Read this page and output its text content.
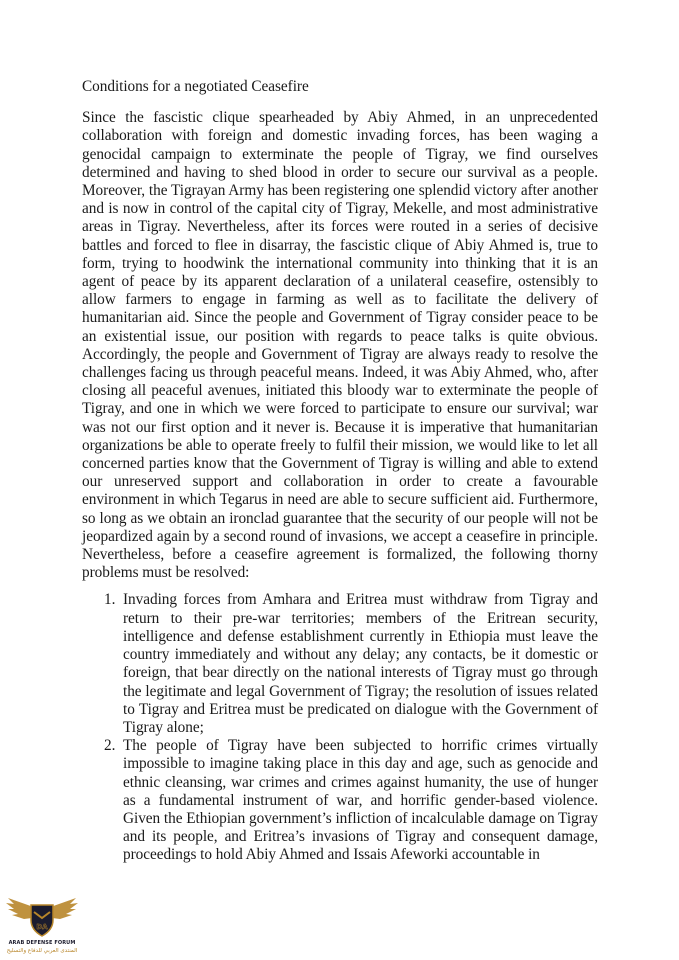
Conditions for a negotiated Ceasefire

Since the fascistic clique spearheaded by Abiy Ahmed, in an unprecedented collaboration with foreign and domestic invading forces, has been waging a genocidal campaign to exterminate the people of Tigray, we find ourselves determined and having to shed blood in order to secure our survival as a people. Moreover, the Tigrayan Army has been registering one splendid victory after another and is now in control of the capital city of Tigray, Mekelle, and most administrative areas in Tigray. Nevertheless, after its forces were routed in a series of decisive battles and forced to flee in disarray, the fascistic clique of Abiy Ahmed is, true to form, trying to hoodwink the international community into thinking that it is an agent of peace by its apparent declaration of a unilateral ceasefire, ostensibly to allow farmers to engage in farming as well as to facilitate the delivery of humanitarian aid. Since the people and Government of Tigray consider peace to be an existential issue, our position with regards to peace talks is quite obvious. Accordingly, the people and Government of Tigray are always ready to resolve the challenges facing us through peaceful means. Indeed, it was Abiy Ahmed, who, after closing all peaceful avenues, initiated this bloody war to exterminate the people of Tigray, and one in which we were forced to participate to ensure our survival; war was not our first option and it never is. Because it is imperative that humanitarian organizations be able to operate freely to fulfil their mission, we would like to let all concerned parties know that the Government of Tigray is willing and able to extend our unreserved support and collaboration in order to create a favourable environment in which Tegarus in need are able to secure sufficient aid. Furthermore, so long as we obtain an ironclad guarantee that the security of our people will not be jeopardized again by a second round of invasions, we accept a ceasefire in principle. Nevertheless, before a ceasefire agreement is formalized, the following thorny problems must be resolved:

1. Invading forces from Amhara and Eritrea must withdraw from Tigray and return to their pre-war territories; members of the Eritrean security, intelligence and defense establishment currently in Ethiopia must leave the country immediately and without any delay; any contacts, be it domestic or foreign, that bear directly on the national interests of Tigray must go through the legitimate and legal Government of Tigray; the resolution of issues related to Tigray and Eritrea must be predicated on dialogue with the Government of Tigray alone;
2. The people of Tigray have been subjected to horrific crimes virtually impossible to imagine taking place in this day and age, such as genocide and ethnic cleansing, war crimes and crimes against humanity, the use of hunger as a fundamental instrument of war, and horrific gender-based violence. Given the Ethiopian government’s infliction of incalculable damage on Tigray and its people, and Eritrea’s invasions of Tigray and consequent damage, proceedings to hold Abiy Ahmed and Issais Afeworki accountable in
DA
ARAB DEFENSE FORUM
المنتدى العربي للدفاع والتسليح
